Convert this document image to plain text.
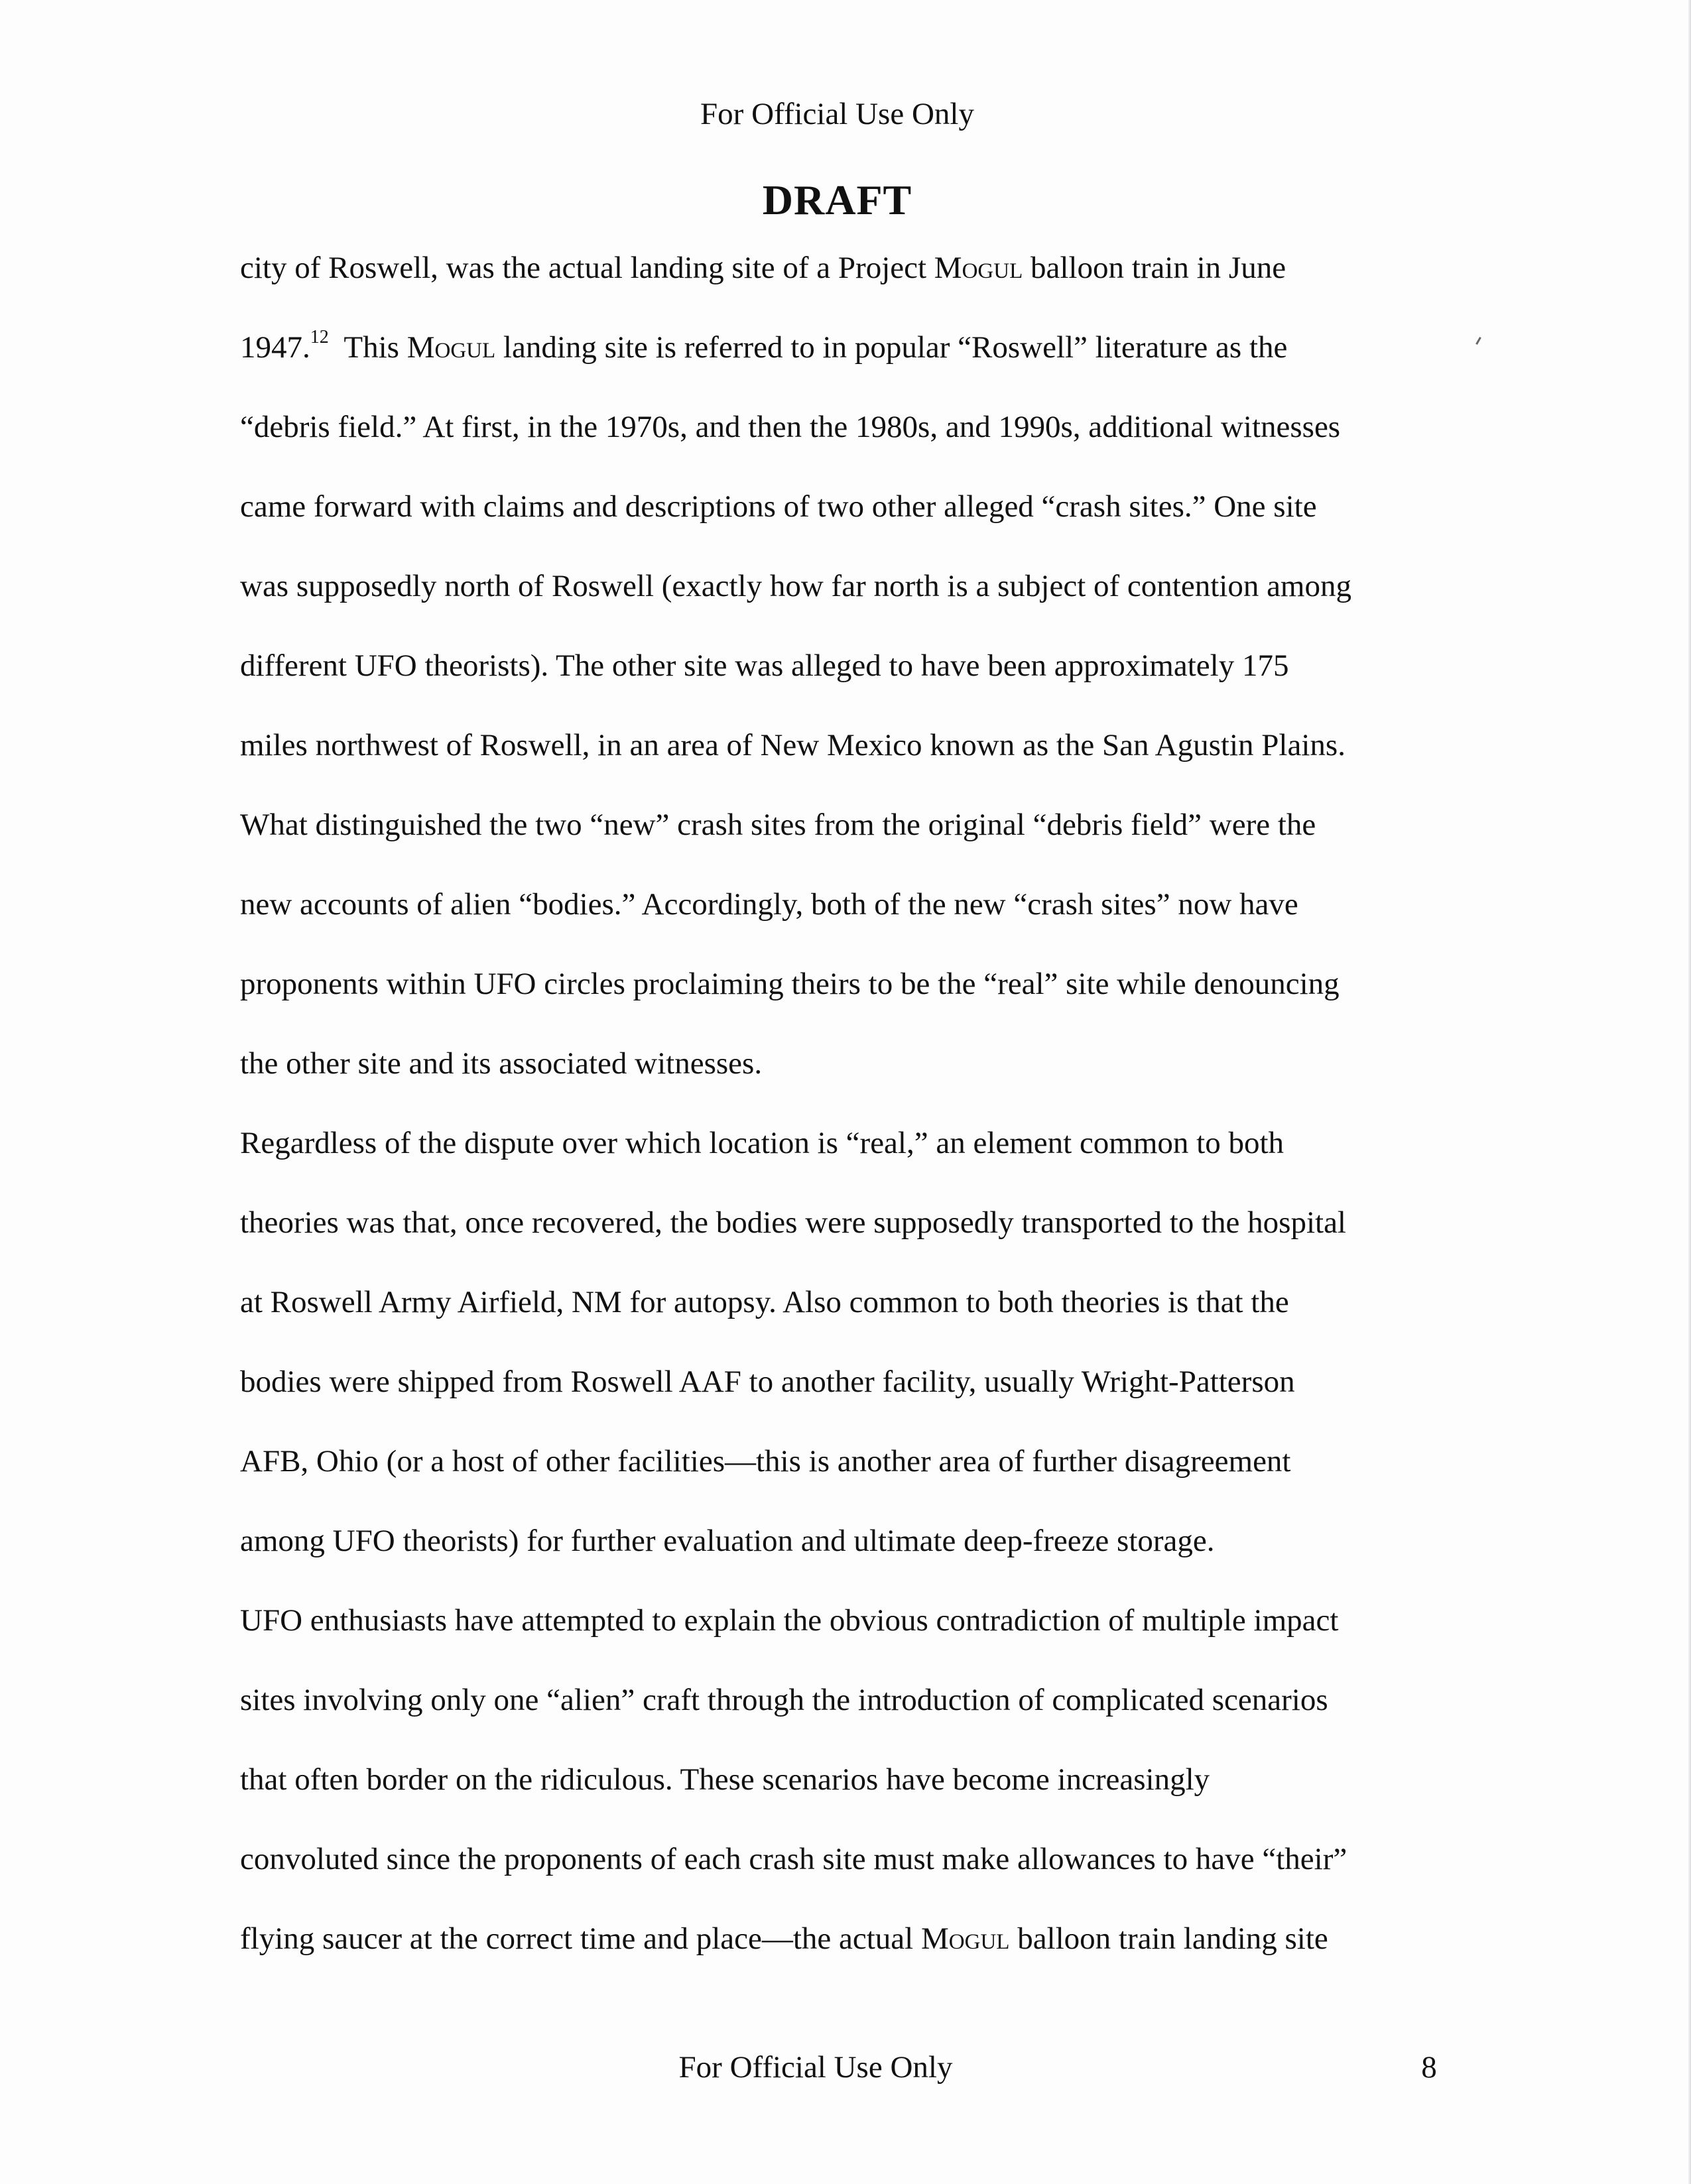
For Official Use Only
DRAFT
city of Roswell, was the actual landing site of a Project Mogul balloon train in June
1947.12  This Mogul landing site is referred to in popular “Roswell” literature as the
“debris field.” At first, in the 1970s, and then the 1980s, and 1990s, additional witnesses
came forward with claims and descriptions of two other alleged “crash sites.” One site
was supposedly north of Roswell (exactly how far north is a subject of contention among
different UFO theorists). The other site was alleged to have been approximately 175
miles northwest of Roswell, in an area of New Mexico known as the San Agustin Plains.
What distinguished the two “new” crash sites from the original “debris field” were the
new accounts of alien “bodies.” Accordingly, both of the new “crash sites” now have
proponents within UFO circles proclaiming theirs to be the “real” site while denouncing
the other site and its associated witnesses.
Regardless of the dispute over which location is “real,” an element common to both
theories was that, once recovered, the bodies were supposedly transported to the hospital
at Roswell Army Airfield, NM for autopsy. Also common to both theories is that the
bodies were shipped from Roswell AAF to another facility, usually Wright-Patterson
AFB, Ohio (or a host of other facilities—this is another area of further disagreement
among UFO theorists) for further evaluation and ultimate deep-freeze storage.
UFO enthusiasts have attempted to explain the obvious contradiction of multiple impact
sites involving only one “alien” craft through the introduction of complicated scenarios
that often border on the ridiculous. These scenarios have become increasingly
convoluted since the proponents of each crash site must make allowances to have “their”
flying saucer at the correct time and place—the actual Mogul balloon train landing site
For Official Use Only	8
